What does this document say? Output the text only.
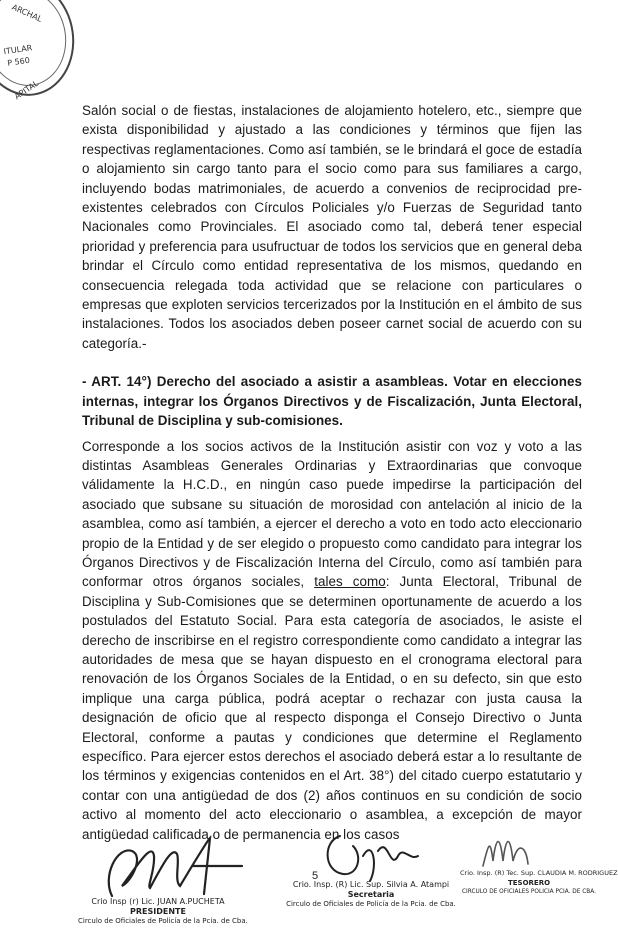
ARCHAL
ITULAR
P 560
APITAL

Salón social o de fiestas, instalaciones de alojamiento hotelero, etc., siempre que exista disponibilidad y ajustado a las condiciones y términos que fijen las respectivas reglamentaciones. Como así también, se le brindará el goce de estadía o alojamiento sin cargo tanto para el socio como para sus familiares a cargo, incluyendo bodas matrimoniales, de acuerdo a convenios de reciprocidad pre-existentes celebrados con Círculos Policiales y/o Fuerzas de Seguridad tanto Nacionales como Provinciales. El asociado como tal, deberá tener especial prioridad y preferencia para usufructuar de todos los servicios que en general deba brindar el Círculo como entidad representativa de los mismos, quedando en consecuencia relegada toda actividad que se relacione con particulares o empresas que exploten servicios tercerizados por la Institución en el ámbito de sus instalaciones. Todos los asociados deben poseer carnet social de acuerdo con su categoría.-

- ART. 14°) Derecho del asociado a asistir a asambleas. Votar en elecciones internas, integrar los Órganos Directivos y de Fiscalización, Junta Electoral, Tribunal de Disciplina y sub-comisiones.

Corresponde a los socios activos de la Institución asistir con voz y voto a las distintas Asambleas Generales Ordinarias y Extraordinarias que convoque válidamente la H.C.D., en ningún caso puede impedirse la participación del asociado que subsane su situación de morosidad con antelación al inicio de la asamblea, como así también, a ejercer el derecho a voto en todo acto eleccionario propio de la Entidad y de ser elegido o propuesto como candidato para integrar los Órganos Directivos y de Fiscalización Interna del Círculo, como así también para conformar otros órganos sociales, tales como: Junta Electoral, Tribunal de Disciplina y Sub-Comisiones que se determinen oportunamente de acuerdo a los postulados del Estatuto Social. Para esta categoría de asociados, le asiste el derecho de inscribirse en el registro correspondiente como candidato a integrar las autoridades de mesa que se hayan dispuesto en el cronograma electoral para renovación de los Órganos Sociales de la Entidad, o en su defecto, sin que esto implique una carga pública, podrá aceptar o rechazar con justa causa la designación de oficio que al respecto disponga el Consejo Directivo o Junta Electoral, conforme a pautas y condiciones que determine el Reglamento específico. Para ejercer estos derechos el asociado deberá estar a lo resultante de los términos y exigencias contenidos en el Art. 38°) del citado cuerpo estatutario y contar con una antigüedad de dos (2) años continuos en su condición de socio activo al momento del acto eleccionario o asamblea, a excepción de mayor antigüedad calificada o de permanencia en los casos

5
Crio Insp (r) Lic. JUAN A.PUCHETA
PRESIDENTE
Circulo de Oficiales de Policía de la Pcia. de Cba.
Crio. Insp. (R) Lic. Sup. Silvia A. Atampi
Secretaria
Circulo de Oficiales de Policía de la Pcia. de Cba.
Crio. Insp. (R) Tec. Sup. CLAUDIA M. RODRIGUEZ
TESORERO
CIRCULO DE OFICIALES POLICIA PCIA. DE CBA.
